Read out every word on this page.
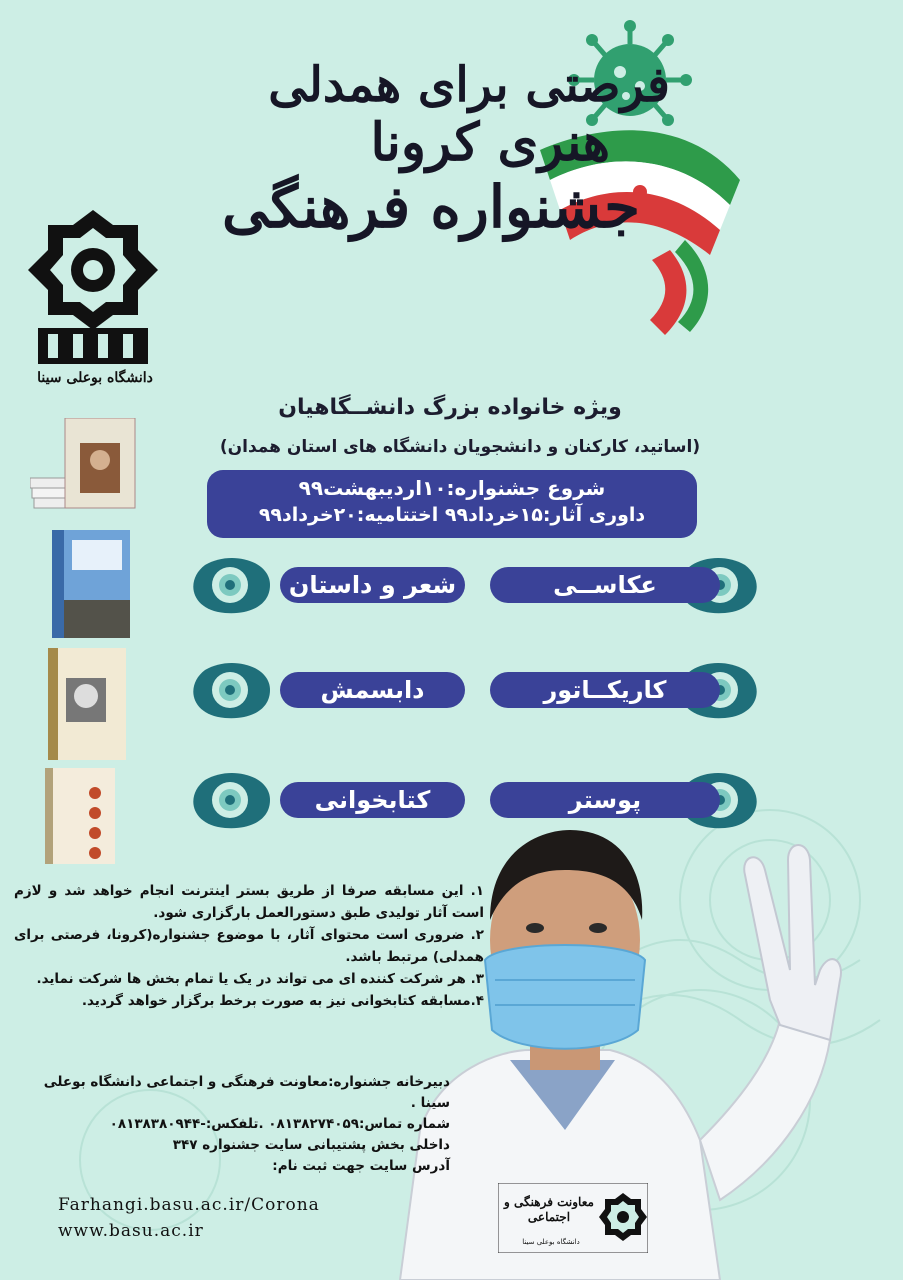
فرصتی برای همدلی
هنری کرونا
جشنواره فرهنگی
دانشگاه بوعلی سینا
ویژه خانواده بزرگ دانشــگاهیان
(اساتید، کارکنان و دانشجویان دانشگاه های استان همدان)
شروع جشنواره:۱۰اردیبهشت۹۹
داوری آثار:۱۵خرداد۹۹ اختتامیه:۲۰خرداد۹۹
عکاســی
شعر و داستان
کاریکــاتور
دابسمش
پوستر
کتابخوانی

۱. این مسابقه صرفا از طریق بستر اینترنت انجام خواهد شد و لازم است آثار تولیدی طبق دستورالعمل بارگزاری شود.

۲. ضروری است محتوای آثار، با موضوع جشنواره(کرونا، فرصتی برای همدلی) مرتبط باشد.

۳. هر شرکت کننده ای می تواند در یک یا تمام بخش ها شرکت نماید.

۴.مسابقه کتابخوانی نیز به صورت برخط برگزار خواهد گردید.

دبیرخانه جشنواره:معاونت فرهنگی و اجتماعی دانشگاه بوعلی سینا .

شماره تماس:۰۸۱۳۸۲۷۴۰۵۹ .تلفکس:-۰۸۱۳۸۳۸۰۹۴۴

داخلی بخش پشتیبانی سایت جشنواره ۳۴۷

آدرس سایت جهت ثبت نام:

Farhangi.basu.ac.ir/Corona
www.basu.ac.ir
معاونت فرهنگی و اجتماعی
دانشگاه بوعلی سینا
